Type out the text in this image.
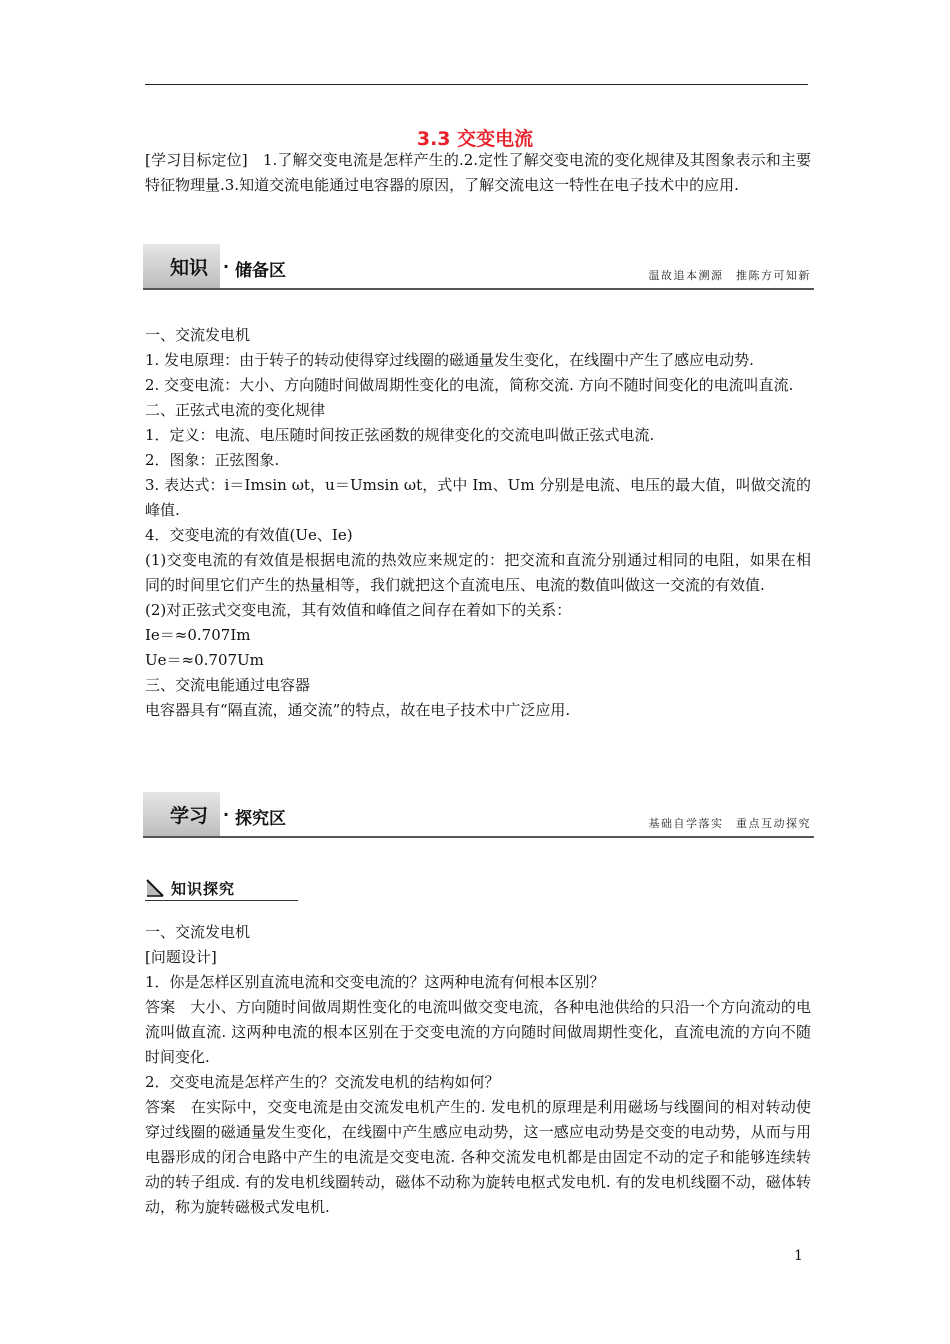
3.3 交变电流

[学习目标定位]　1.了解交变电流是怎样产生的.2.定性了解交变电流的变化规律及其图象表示和主要特征物理量.3.知道交流电能通过电容器的原因，了解交流电这一特性在电子技术中的应用.

知识 · 储备区	温故追本溯源　推陈方可知新

一、交流发电机

1. 发电原理：由于转子的转动使得穿过线圈的磁通量发生变化，在线圈中产生了感应电动势.

2. 交变电流：大小、方向随时间做周期性变化的电流，简称交流. 方向不随时间变化的电流叫直流.

二、正弦式电流的变化规律

1．定义：电流、电压随时间按正弦函数的规律变化的交流电叫做正弦式电流.

2．图象：正弦图象.

3. 表达式：i＝Imsin ωt，u＝Umsin ωt，式中 Im、Um 分别是电流、电压的最大值，叫做交流的峰值.

4．交变电流的有效值(Ue、Ie)

(1)交变电流的有效值是根据电流的热效应来规定的：把交流和直流分别通过相同的电阻，如果在相同的时间里它们产生的热量相等，我们就把这个直流电压、电流的数值叫做这一交流的有效值.

(2)对正弦式交变电流，其有效值和峰值之间存在着如下的关系：

Ie＝≈0.707Im

Ue＝≈0.707Um

三、交流电能通过电容器

电容器具有“隔直流，通交流”的特点，故在电子技术中广泛应用.

学习 · 探究区	基础自学落实　重点互动探究
知识探究

一、交流发电机

[问题设计]

1．你是怎样区别直流电流和交变电流的？这两种电流有何根本区别？

答案　大小、方向随时间做周期性变化的电流叫做交变电流，各种电池供给的只沿一个方向流动的电流叫做直流. 这两种电流的根本区别在于交变电流的方向随时间做周期性变化，直流电流的方向不随时间变化.

2．交变电流是怎样产生的？交流发电机的结构如何？

答案　在实际中，交变电流是由交流发电机产生的. 发电机的原理是利用磁场与线圈间的相对转动使穿过线圈的磁通量发生变化，在线圈中产生感应电动势，这一感应电动势是交变的电动势，从而与用电器形成的闭合电路中产生的电流是交变电流. 各种交流发电机都是由固定不动的定子和能够连续转动的转子组成. 有的发电机线圈转动，磁体不动称为旋转电枢式发电机. 有的发电机线圈不动，磁体转动，称为旋转磁极式发电机.

1
